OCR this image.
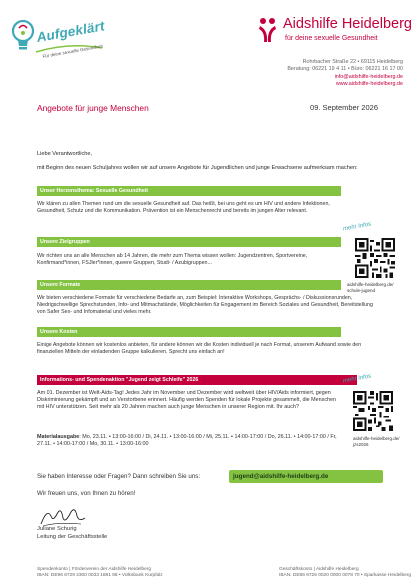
Aufgeklärt
Für deine sexuelle Gesundheit
Aidshilfe Heidelberg
für deine sexuelle Gesundheit
Rohrbacher Straße 22 • 69115 Heidelberg
Beratung: 06221 19 4 11 • Büro: 06221 16 17 00
info@aidshilfe-heidelberg.de
www.aidshilfe-heidelberg.de
Angebote für junge Menschen	09. September 2026
Liebe Verantwortliche,
mit Beginn des neuen Schuljahres wollen wir auf unsere Angebote für Jugendlichen und junge Erwachsene aufmerksam machen:
Unser Herzensthema: Sexuelle Gesundheit
Wir klären zu allen Themen rund um die sexuelle Gesundheit auf. Das heißt, bei uns geht es um HIV und andere Infektionen, Gesundheit, Schutz und die Kommunikation. Prävention ist ein Menschenrecht und bereits im jungen Alter relevant.
Unsere Zielgruppen
Wir richten uns an alle Menschen ab 14 Jahren, die mehr zum Thema wissen wollen: Jugendzentren, Sportvereine, Konfirmand*innen, FSJler*innen, queere Gruppen, Studi- / Azubigruppen...
Unsere Formate
Wir bieten verschiedene Formate für verschiedene Bedarfe an, zum Beispiel: Interaktive Workshops, Gesprächs- / Diskussionsrunden, Niedrigschwellige Sprechstunden, Info- und Mitmachstände, Möglichkeiten für Engagement im Bereich Soziales und Gesundheit, Bereitstellung von Safer Sex- und Infomaterial und vieles mehr.
Unsere Kosten
Einige Angebote können wir kostenlos anbieten, für andere können wir die Kosten individuell je nach Format, unserem Aufwand sowie den finanziellen Mitteln der einladenden Gruppe kalkulieren. Sprecht uns einfach an!
mehr Infos
aidshilfe-heidelberg.de/
schule-jugend
Informations- und Spendenaktion "Jugend zeigt Schleife" 2026
Am 01. Dezember ist Welt-Aids-Tag! Jedes Jahr im November und Dezember wird weltweit über HIV/Aids informiert, gegen Diskriminierung gekämpft und an Verstorbene erinnert. Häufig werden Spenden für lokale Projekte gesammelt, die Menschen mit HIV unterstützen. Seit mehr als 20 Jahren machen auch junge Menschen in unserer Region mit. Ihr auch?
Materialausgabe: Mo, 23.11. • 13:00-16:00 / Di, 24.11. • 13:00-16:00 / Mi, 25.11. • 14:00-17:00 / Do, 26.11. • 14:00-17:00 / Fr, 27.11. • 14:00-17:00 / Mo, 30.11. • 13:00-16:00
mehr Infos
aidshilfe-heidelberg.de/
jzs2026
Sie haben Interesse oder Fragen? Dann schreiben Sie uns:	jugend@aidshilfe-heidelberg.de
Wir freuen uns, von Ihnen zu hören!
Juliane Schurig
Leitung der Geschäftsstelle
Spendenkonto | Förderverein der Aidshilfe Heidelberg
IBAN: DE96 6729 2300 0033 1881 88 • Volksbank Kurpfalz
Geschäftskonto | Aidshilfe Heidelberg
IBAN: DE86 6725 0020 0000 0078 70 • Sparkasse Heidelberg
